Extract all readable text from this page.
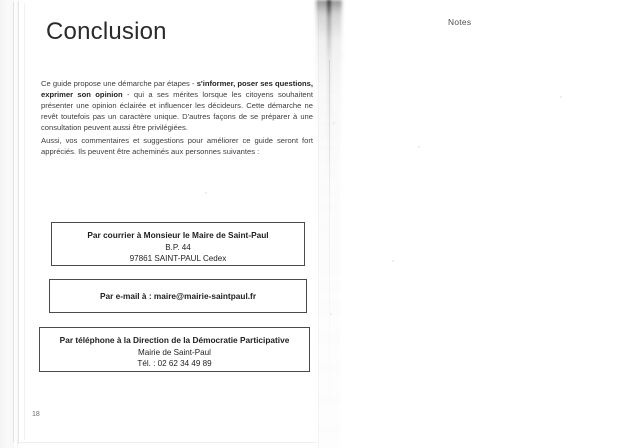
Conclusion

Ce guide propose une démarche par étapes - s'informer, poser ses questions, exprimer son opinion - qui a ses mérites lorsque les citoyens souhaitent présenter une opinion éclairée et influencer les décideurs. Cette démarche ne revêt toutefois pas un caractère unique. D'autres façons de se préparer à une consultation peuvent aussi être privilégiées.

Aussi, vos commentaires et suggestions pour améliorer ce guide seront fort appréciés. Ils peuvent être acheminés aux personnes suivantes :

Par courrier à Monsieur le Maire de Saint-Paul
B.P. 44
97861 SAINT-PAUL Cedex
Par e-mail à : maire@mairie-saintpaul.fr
Par téléphone à la Direction de la Démocratie Participative
Mairie de Saint-Paul
Tél. : 02 62 34 49 89
18
Notes
